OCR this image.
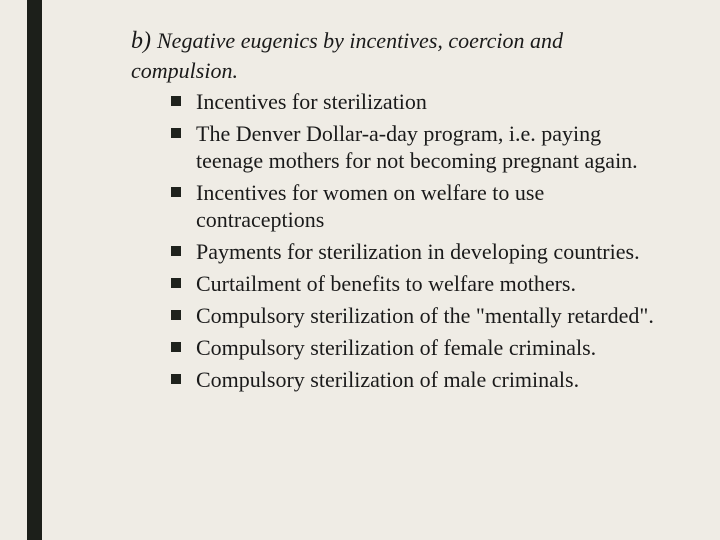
b) Negative eugenics by incentives, coercion and compulsion.

Incentives for sterilization
The Denver Dollar-a-day program, i.e. paying teenage mothers for not becoming pregnant again.
Incentives for women on welfare to use contraceptions
Payments for sterilization in developing countries.
Curtailment of benefits to welfare mothers.
Compulsory sterilization of the "mentally retarded".
Compulsory sterilization of female criminals.
Compulsory sterilization of male criminals.
